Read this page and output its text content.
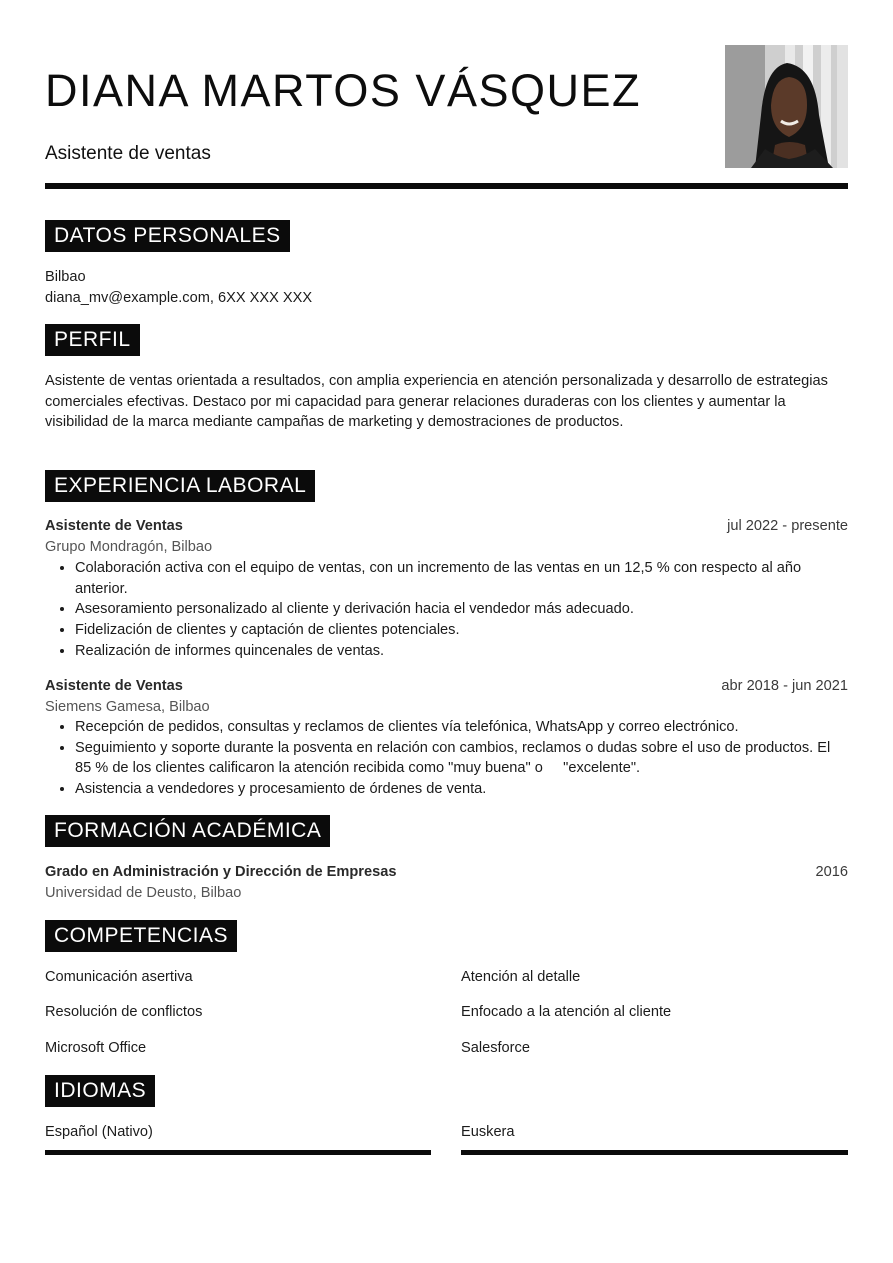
DIANA MARTOS VÁSQUEZ
Asistente de ventas
DATOS PERSONALES
Bilbao
diana_mv@example.com, 6XX XXX XXX
PERFIL
Asistente de ventas orientada a resultados, con amplia experiencia en atención personalizada y desarrollo de estrategias comerciales efectivas. Destaco por mi capacidad para generar relaciones duraderas con los clientes y aumentar la visibilidad de la marca mediante campañas de marketing y demostraciones de productos.
EXPERIENCIA LABORAL
Asistente de Ventas	jul 2022 - presente
Grupo Mondragón, Bilbao
• Colaboración activa con el equipo de ventas, con un incremento de las ventas en un 12,5 % con respecto al año anterior.
• Asesoramiento personalizado al cliente y derivación hacia el vendedor más adecuado.
• Fidelización de clientes y captación de clientes potenciales.
• Realización de informes quincenales de ventas.
Asistente de Ventas	abr 2018 - jun 2021
Siemens Gamesa, Bilbao
• Recepción de pedidos, consultas y reclamos de clientes vía telefónica, WhatsApp y correo electrónico.
• Seguimiento y soporte durante la posventa en relación con cambios, reclamos o dudas sobre el uso de productos. El 85 % de los clientes calificaron la atención recibida como "muy buena" o     "excelente".
• Asistencia a vendedores y procesamiento de órdenes de venta.
FORMACIÓN ACADÉMICA
Grado en Administración y Dirección de Empresas	2016
Universidad de Deusto, Bilbao
COMPETENCIAS
Comunicación asertiva	Atención al detalle
Resolución de conflictos	Enfocado a la atención al cliente
Microsoft Office	Salesforce
IDIOMAS
Español (Nativo)	Euskera
